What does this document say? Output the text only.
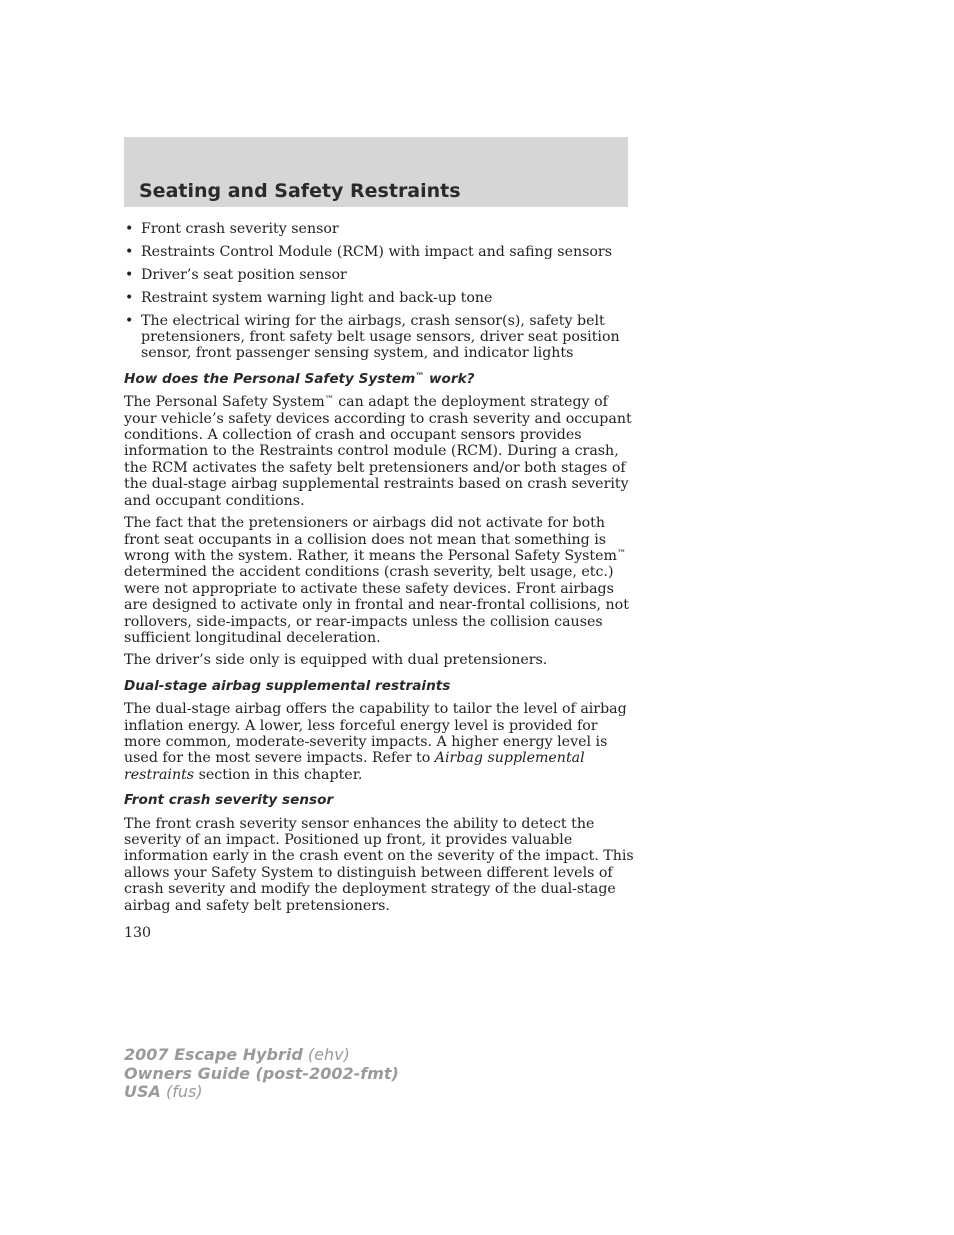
Seating and Safety Restraints
• Front crash severity sensor
• Restraints Control Module (RCM) with impact and safing sensors
• Driver’s seat position sensor
• Restraint system warning light and back-up tone
• The electrical wiring for the airbags, crash sensor(s), safety belt pretensioners, front safety belt usage sensors, driver seat position sensor, front passenger sensing system, and indicator lights
How does the Personal Safety System™ work?

The Personal Safety System™ can adapt the deployment strategy of your vehicle’s safety devices according to crash severity and occupant conditions. A collection of crash and occupant sensors provides information to the Restraints control module (RCM). During a crash, the RCM activates the safety belt pretensioners and/or both stages of the dual-stage airbag supplemental restraints based on crash severity and occupant conditions.

The fact that the pretensioners or airbags did not activate for both front seat occupants in a collision does not mean that something is wrong with the system. Rather, it means the Personal Safety System™ determined the accident conditions (crash severity, belt usage, etc.) were not appropriate to activate these safety devices. Front airbags are designed to activate only in frontal and near-frontal collisions, not rollovers, side-impacts, or rear-impacts unless the collision causes sufficient longitudinal deceleration.

The driver’s side only is equipped with dual pretensioners.

Dual-stage airbag supplemental restraints

The dual-stage airbag offers the capability to tailor the level of airbag inflation energy. A lower, less forceful energy level is provided for more common, moderate-severity impacts. A higher energy level is used for the most severe impacts. Refer to Airbag supplemental restraints section in this chapter.

Front crash severity sensor

The front crash severity sensor enhances the ability to detect the severity of an impact. Positioned up front, it provides valuable information early in the crash event on the severity of the impact. This allows your Safety System to distinguish between different levels of crash severity and modify the deployment strategy of the dual-stage airbag and safety belt pretensioners.

130
2007 Escape Hybrid (ehv)
Owners Guide (post-2002-fmt)
USA (fus)
